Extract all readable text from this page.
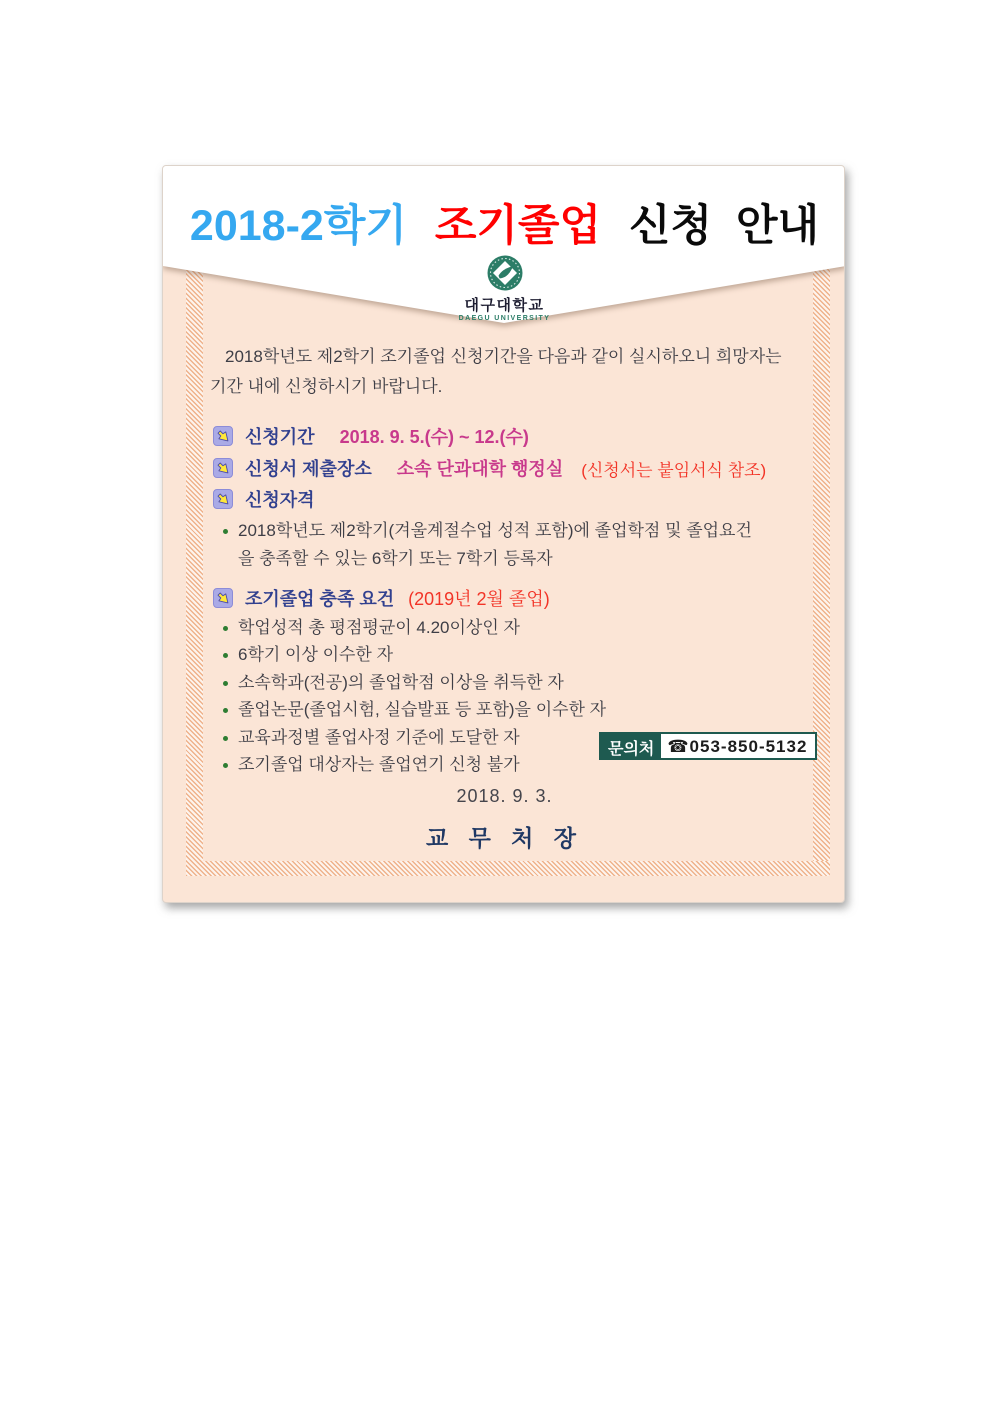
2018-2학기 조기졸업 신청 안내
대구대학교
DAEGU UNIVERSITY
2018학년도 제2학기 조기졸업 신청기간을 다음과 같이 실시하오니 희망자는
기간 내에 신청하시기 바랍니다.
신청기간 2018. 9. 5.(수) ~ 12.(수)
신청서 제출장소 소속 단과대학 행정실 (신청서는 붙임서식 참조)
신청자격
2018학년도 제2학기(겨울계절수업 성적 포함)에 졸업학점 및 졸업요건
을 충족할 수 있는 6학기 또는 7학기 등록자
조기졸업 충족 요건 (2019년 2월 졸업)
학업성적 총 평점평균이 4.20이상인 자
6학기 이상 이수한 자
소속학과(전공)의 졸업학점 이상을 취득한 자
졸업논문(졸업시험, 실습발표 등 포함)을 이수한 자
교육과정별 졸업사정 기준에 도달한 자
조기졸업 대상자는 졸업연기 신청 불가
문의처 ☎053-850-5132
2018. 9. 3.
교 무 처 장
